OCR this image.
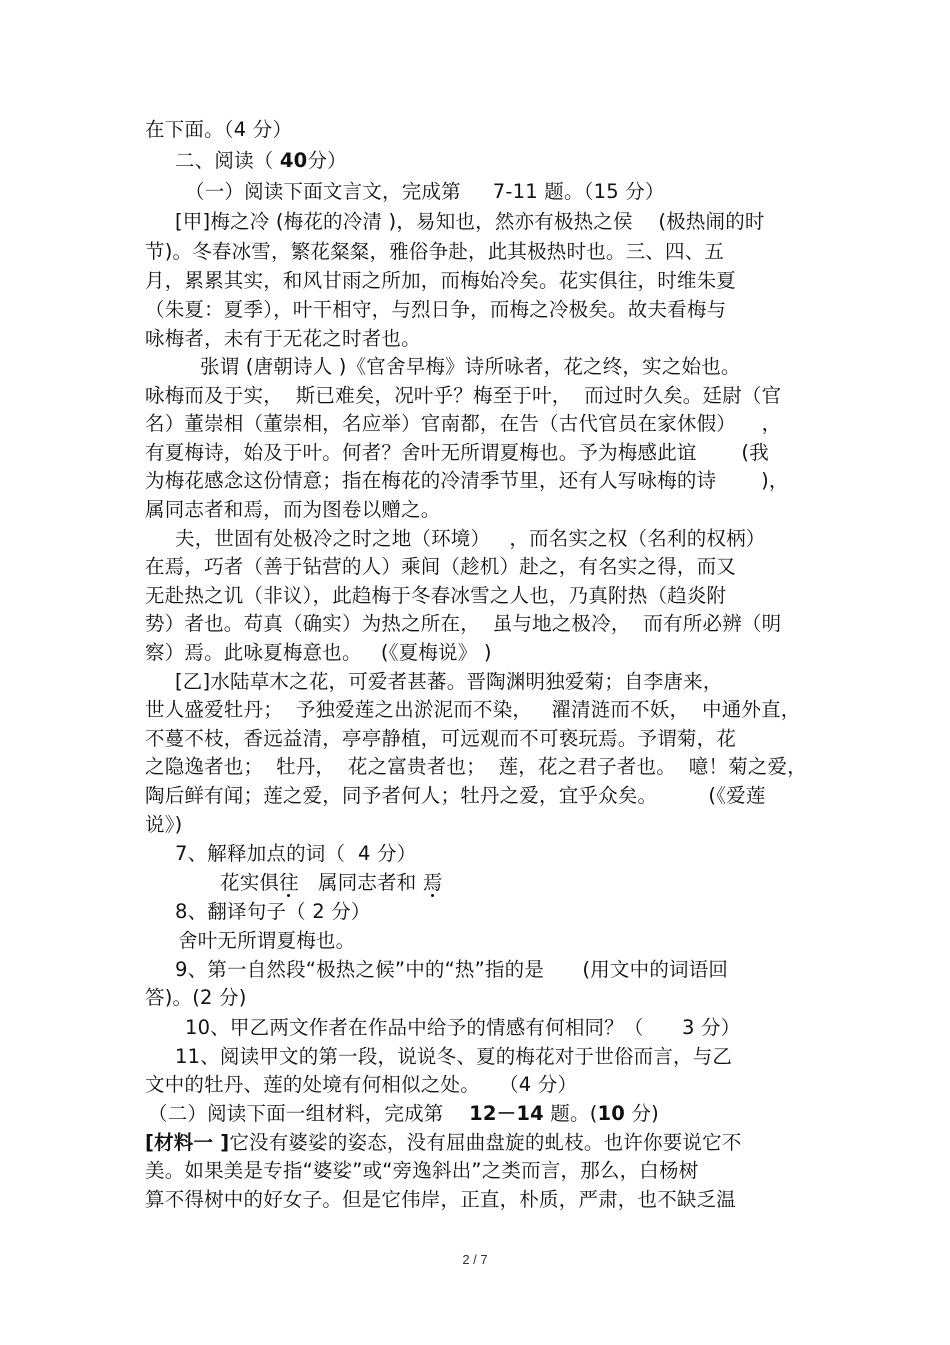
在下面。（4 分）
二、阅读（ 40分）
（一）阅读下面文言文，完成第     7-11 题。（15 分）
[甲]梅之冷 (梅花的冷清 )，易知也，然亦有极热之侯    (极热闹的时
节)。冬春冰雪，繁花粲粲，雅俗争赴，此其极热时也。三、四、五
月，累累其实，和风甘雨之所加，而梅始冷矣。花实俱往，时维朱夏
（朱夏：夏季），叶干相守，与烈日争，而梅之冷极矣。故夫看梅与
咏梅者，未有于无花之时者也。
张谓 (唐朝诗人 )《官舍早梅》诗所咏者，花之终，实之始也。
咏梅而及于实，  斯已难矣，况叶乎？梅至于叶，  而过时久矣。廷尉（官
名）董崇相（董崇相，名应举）官南都，在告（古代官员在家休假）    ，
有夏梅诗，始及于叶。何者？舍叶无所谓夏梅也。予为梅感此谊       (我
为梅花感念这份情意；指在梅花的冷清季节里，还有人写咏梅的诗       )，
属同志者和焉，而为图卷以赠之。
夫，世固有处极冷之时之地（环境）   ，而名实之权（名利的权柄）
在焉，巧者（善于钻营的人）乘间（趁机）赴之，有名实之得，而又
无赴热之讥（非议），此趋梅于冬春冰雪之人也，乃真附热（趋炎附
势）者也。苟真（确实）为热之所在，  虽与地之极冷，  而有所必辨（明
察）焉。此咏夏梅意也。   (《夏梅说》 )
[乙]水陆草木之花，可爱者甚蕃。晋陶渊明独爱菊；自李唐来，
世人盛爱牡丹；  予独爱莲之出淤泥而不染，   濯清涟而不妖，  中通外直，
不蔓不枝，香远益清，亭亭静植，可远观而不可亵玩焉。予谓菊，花
之隐逸者也；  牡丹，  花之富贵者也；  莲，花之君子者也。  噫！菊之爱，
陶后鲜有闻；莲之爱，同予者何人；牡丹之爱，宜乎众矣。        (《爱莲
说》)
7、解释加点的词（  4 分）
花实俱往   属同志者和 焉
8、翻译句子（ 2 分）
舍叶无所谓夏梅也。
9、第一自然段“极热之候”中的“热”指的是      (用文中的词语回
答)。(2 分)
10、甲乙两文作者在作品中给予的情感有何相同？（      3 分）
11、阅读甲文的第一段，说说冬、夏的梅花对于世俗而言，与乙
文中的牡丹、莲的处境有何相似之处。   （4 分）
（二）阅读下面一组材料，完成第    12－14 题。(10 分)
[材料一 ]它没有婆娑的姿态，没有屈曲盘旋的虬枝。也许你要说它不
美。如果美是专指“婆娑”或“旁逸斜出”之类而言，那么，白杨树
算不得树中的好女子。但是它伟岸，正直，朴质，严肃，也不缺乏温
2 / 7
